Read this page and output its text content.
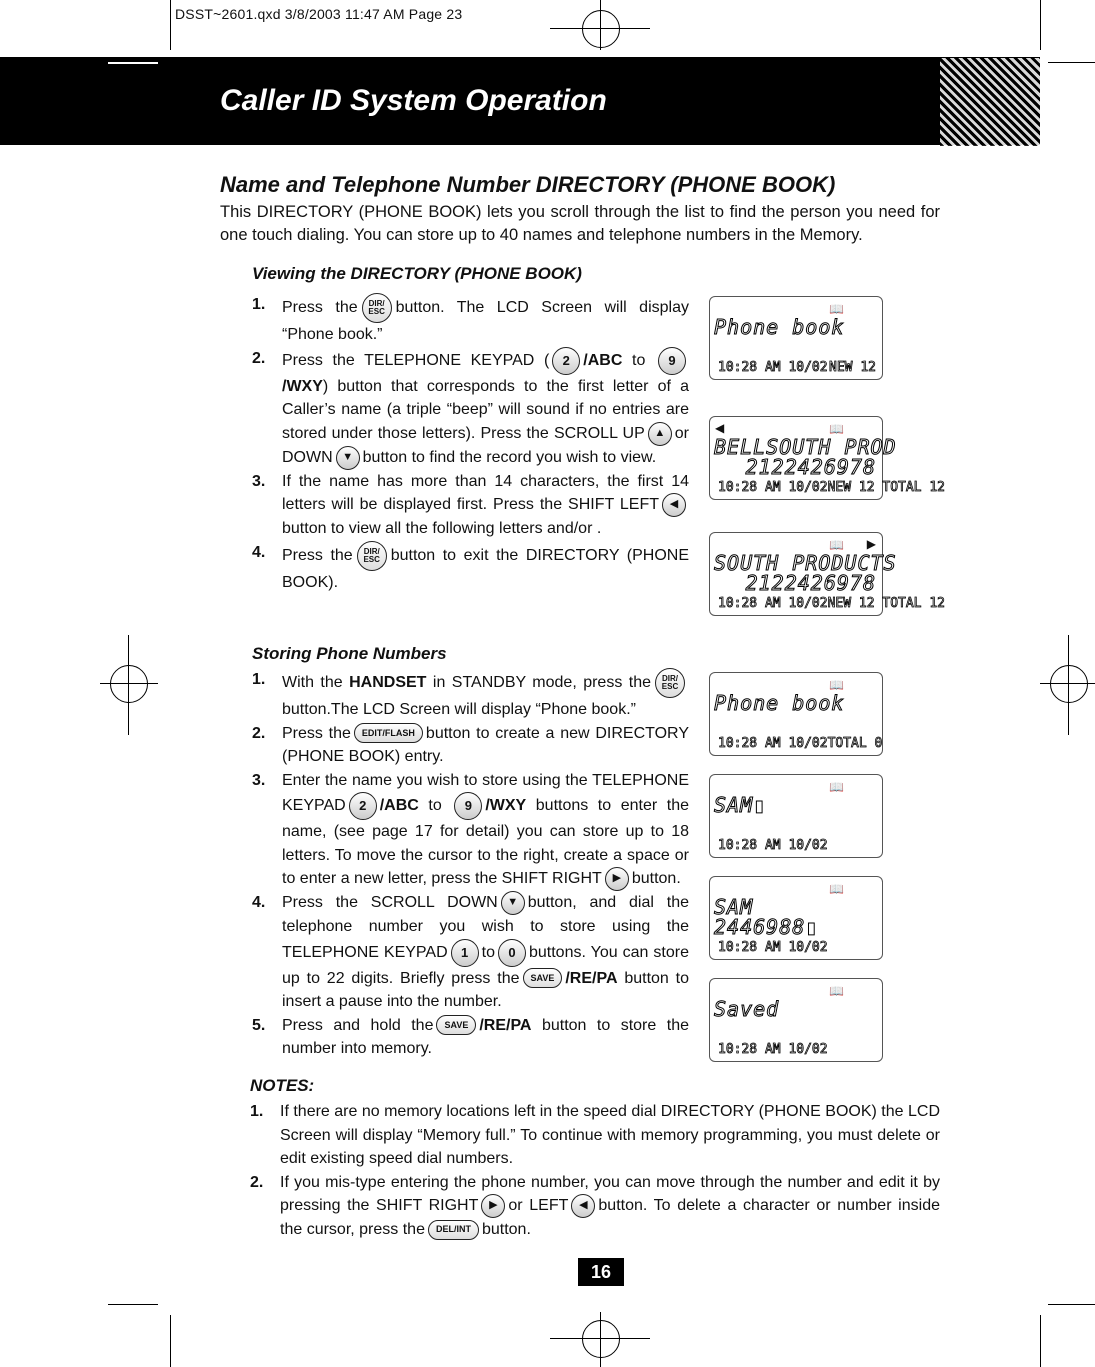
DSST~2601.qxd 3/8/2003 11:47 AM Page 23
Caller ID System Operation
Name and Telephone Number DIRECTORY (PHONE BOOK)
This DIRECTORY (PHONE BOOK) lets you scroll through the list to find the person you need for one touch dialing. You can store up to 40 names and telephone numbers in the Memory.
Viewing the DIRECTORY (PHONE BOOK)
1. Press the DIR/ ESC button. The LCD Screen will display “Phone book.”
2. Press the TELEPHONE KEYPAD ( 2 /ABC to 9/WXY) button that corresponds to the first letter of a Caller’s name (a triple “beep” will sound if no entries are stored under those letters). Press the SCROLL UP ▲ or DOWN ▼ button to find the record you wish to view.
3. If the name has more than 14 characters, the first 14 letters will be displayed first. Press the SHIFT LEFT ◀button to view all the following letters and/or .
4. Press the DIR/ ESC button to exit the DIRECTORY (PHONE BOOK).
Storing Phone Numbers
1. With the HANDSET in STANDBY mode, press the DIR/ ESCbutton.The LCD Screen will display “Phone book.”
2. Press the EDIT/FLASH button to create a new DIRECTORY (PHONE BOOK) entry.
3. Enter the name you wish to store using the TELEPHONE KEYPAD 2 /ABC to 9 /WXY buttons to enter the name, (see page 17 for detail) you can store up to 18 letters. To move the cursor to the right, create a space or to enter a new letter, press the SHIFT RIGHT ▶ button.
4. Press the SCROLL DOWN ▼ button, and dial the telephone number you wish to store using the TELEPHONE KEYPAD 1 to 0 buttons. You can store up to 22 digits. Briefly press the SAVE /RE/PA button to insert a pause into the number.
5. Press and hold the SAVE /RE/PA button to store the number into memory.
NOTES:
1. If there are no memory locations left in the speed dial DIRECTORY (PHONE BOOK) the LCD Screen will display “Memory full.” To continue with memory programming, you must delete or edit existing speed dial numbers.
2. If you mis-type entering the phone number, you can move through the number and edit it by pressing the SHIFT RIGHT ▶ or LEFT ◀ button. To delete a character or number inside the cursor, press the DEL/INT button.
📖
Phone book
10:28 AM 10/02 NEW 12
◀	📖
BELLSOUTH PROD
2122426978
10:28 AM 10/02 NEW 12 TOTAL 12
📖 ▶
SOUTH PRODUCTS
2122426978
10:28 AM 10/02 NEW 12 TOTAL 12
📖
Phone book
10:28 AM 10/02 TOTAL 0
📖
SAM▮
10:28 AM 10/02
📖
SAM
2446988▮
10:28 AM 10/02
📖
Saved
10:28 AM 10/02
16
